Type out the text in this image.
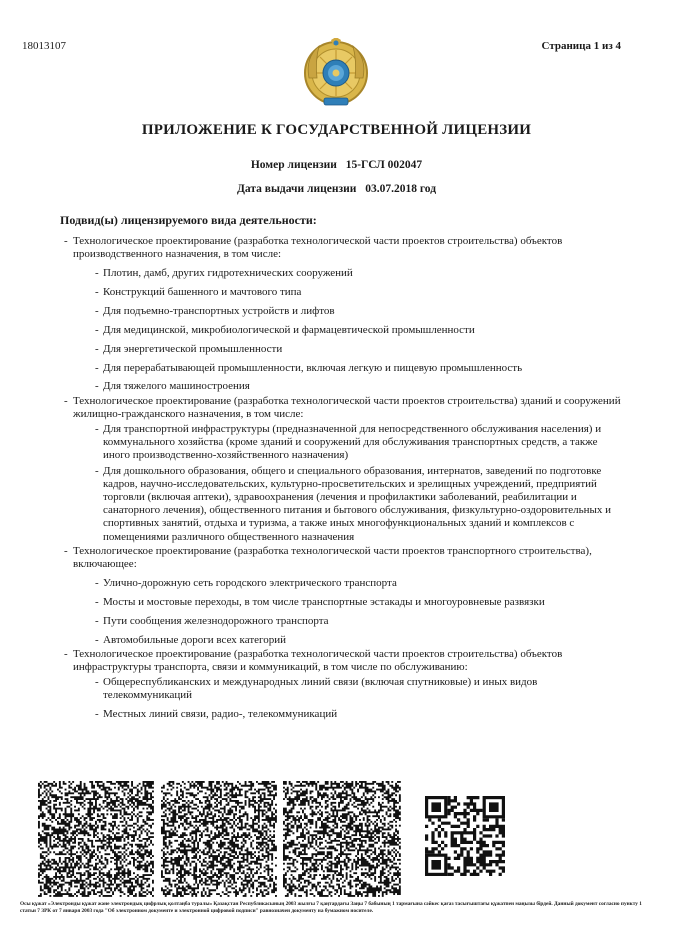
18013107	Страница 1 из 4
ПРИЛОЖЕНИЕ К ГОСУДАРСТВЕННОЙ ЛИЦЕНЗИИ
Номер лицензии 15-ГСЛ 002047
Дата выдачи лицензии 03.07.2018 год
Подвид(ы) лицензируемого вида деятельности:
- Технологическое проектирование (разработка технологической части проектов строительства) объектов производственного назначения, в том числе:
- Плотин, дамб, других гидротехнических сооружений
- Конструкций башенного и мачтового типа
- Для подъемно-транспортных устройств и лифтов
- Для медицинской, микробиологической и фармацевтической промышленности
- Для энергетической промышленности
- Для перерабатывающей промышленности, включая легкую и пищевую промышленность
- Для тяжелого машиностроения
- Технологическое проектирование (разработка технологической части проектов строительства) зданий и сооружений жилищно-гражданского назначения, в том числе:
- Для транспортной инфраструктуры (предназначенной для непосредственного обслуживания населения) и коммунального хозяйства (кроме зданий и сооружений для обслуживания транспортных средств, а также иного производственно-хозяйственного назначения)
- Для дошкольного образования, общего и специального образования, интернатов, заведений по подготовке кадров, научно-исследовательских, культурно-просветительских и зрелищных учреждений, предприятий торговли (включая аптеки), здравоохранения (лечения и профилактики заболеваний, реабилитации и санаторного лечения), общественного питания и бытового обслуживания, физкультурно-оздоровительных и спортивных занятий, отдыха и туризма, а также иных многофункциональных зданий и комплексов с помещениями различного общественного назначения
- Технологическое проектирование (разработка технологической части проектов транспортного строительства), включающее:
- Улично-дорожную сеть городского электрического транспорта
- Мосты и мостовые переходы, в том числе транспортные эстакады и многоуровневые развязки
- Пути сообщения железнодорожного транспорта
- Автомобильные дороги всех категорий
- Технологическое проектирование (разработка технологической части проектов строительства) объектов инфраструктуры транспорта, связи и коммуникаций, в том числе по обслуживанию:
- Общереспубликанских и международных линий связи (включая спутниковые) и иных видов телекоммуникаций
- Местных линий связи, радио-, телекоммуникаций
Осы құжат «Электронды құжат және электрондық цифрлық қолтаңба туралы» Қазақстан Республикасының 2003 жылғы 7 қаңтардағы Заңы 7 бабының 1 тармағына сәйкес қағаз тасығыштағы құжатпен маңызы бірдей. Данный документ согласно пункту 1 статьи 7 ЗРК от 7 января 2003 года "Об электронном документе и электронной цифровой подписи" равнозначен документу на бумажном носителе.
